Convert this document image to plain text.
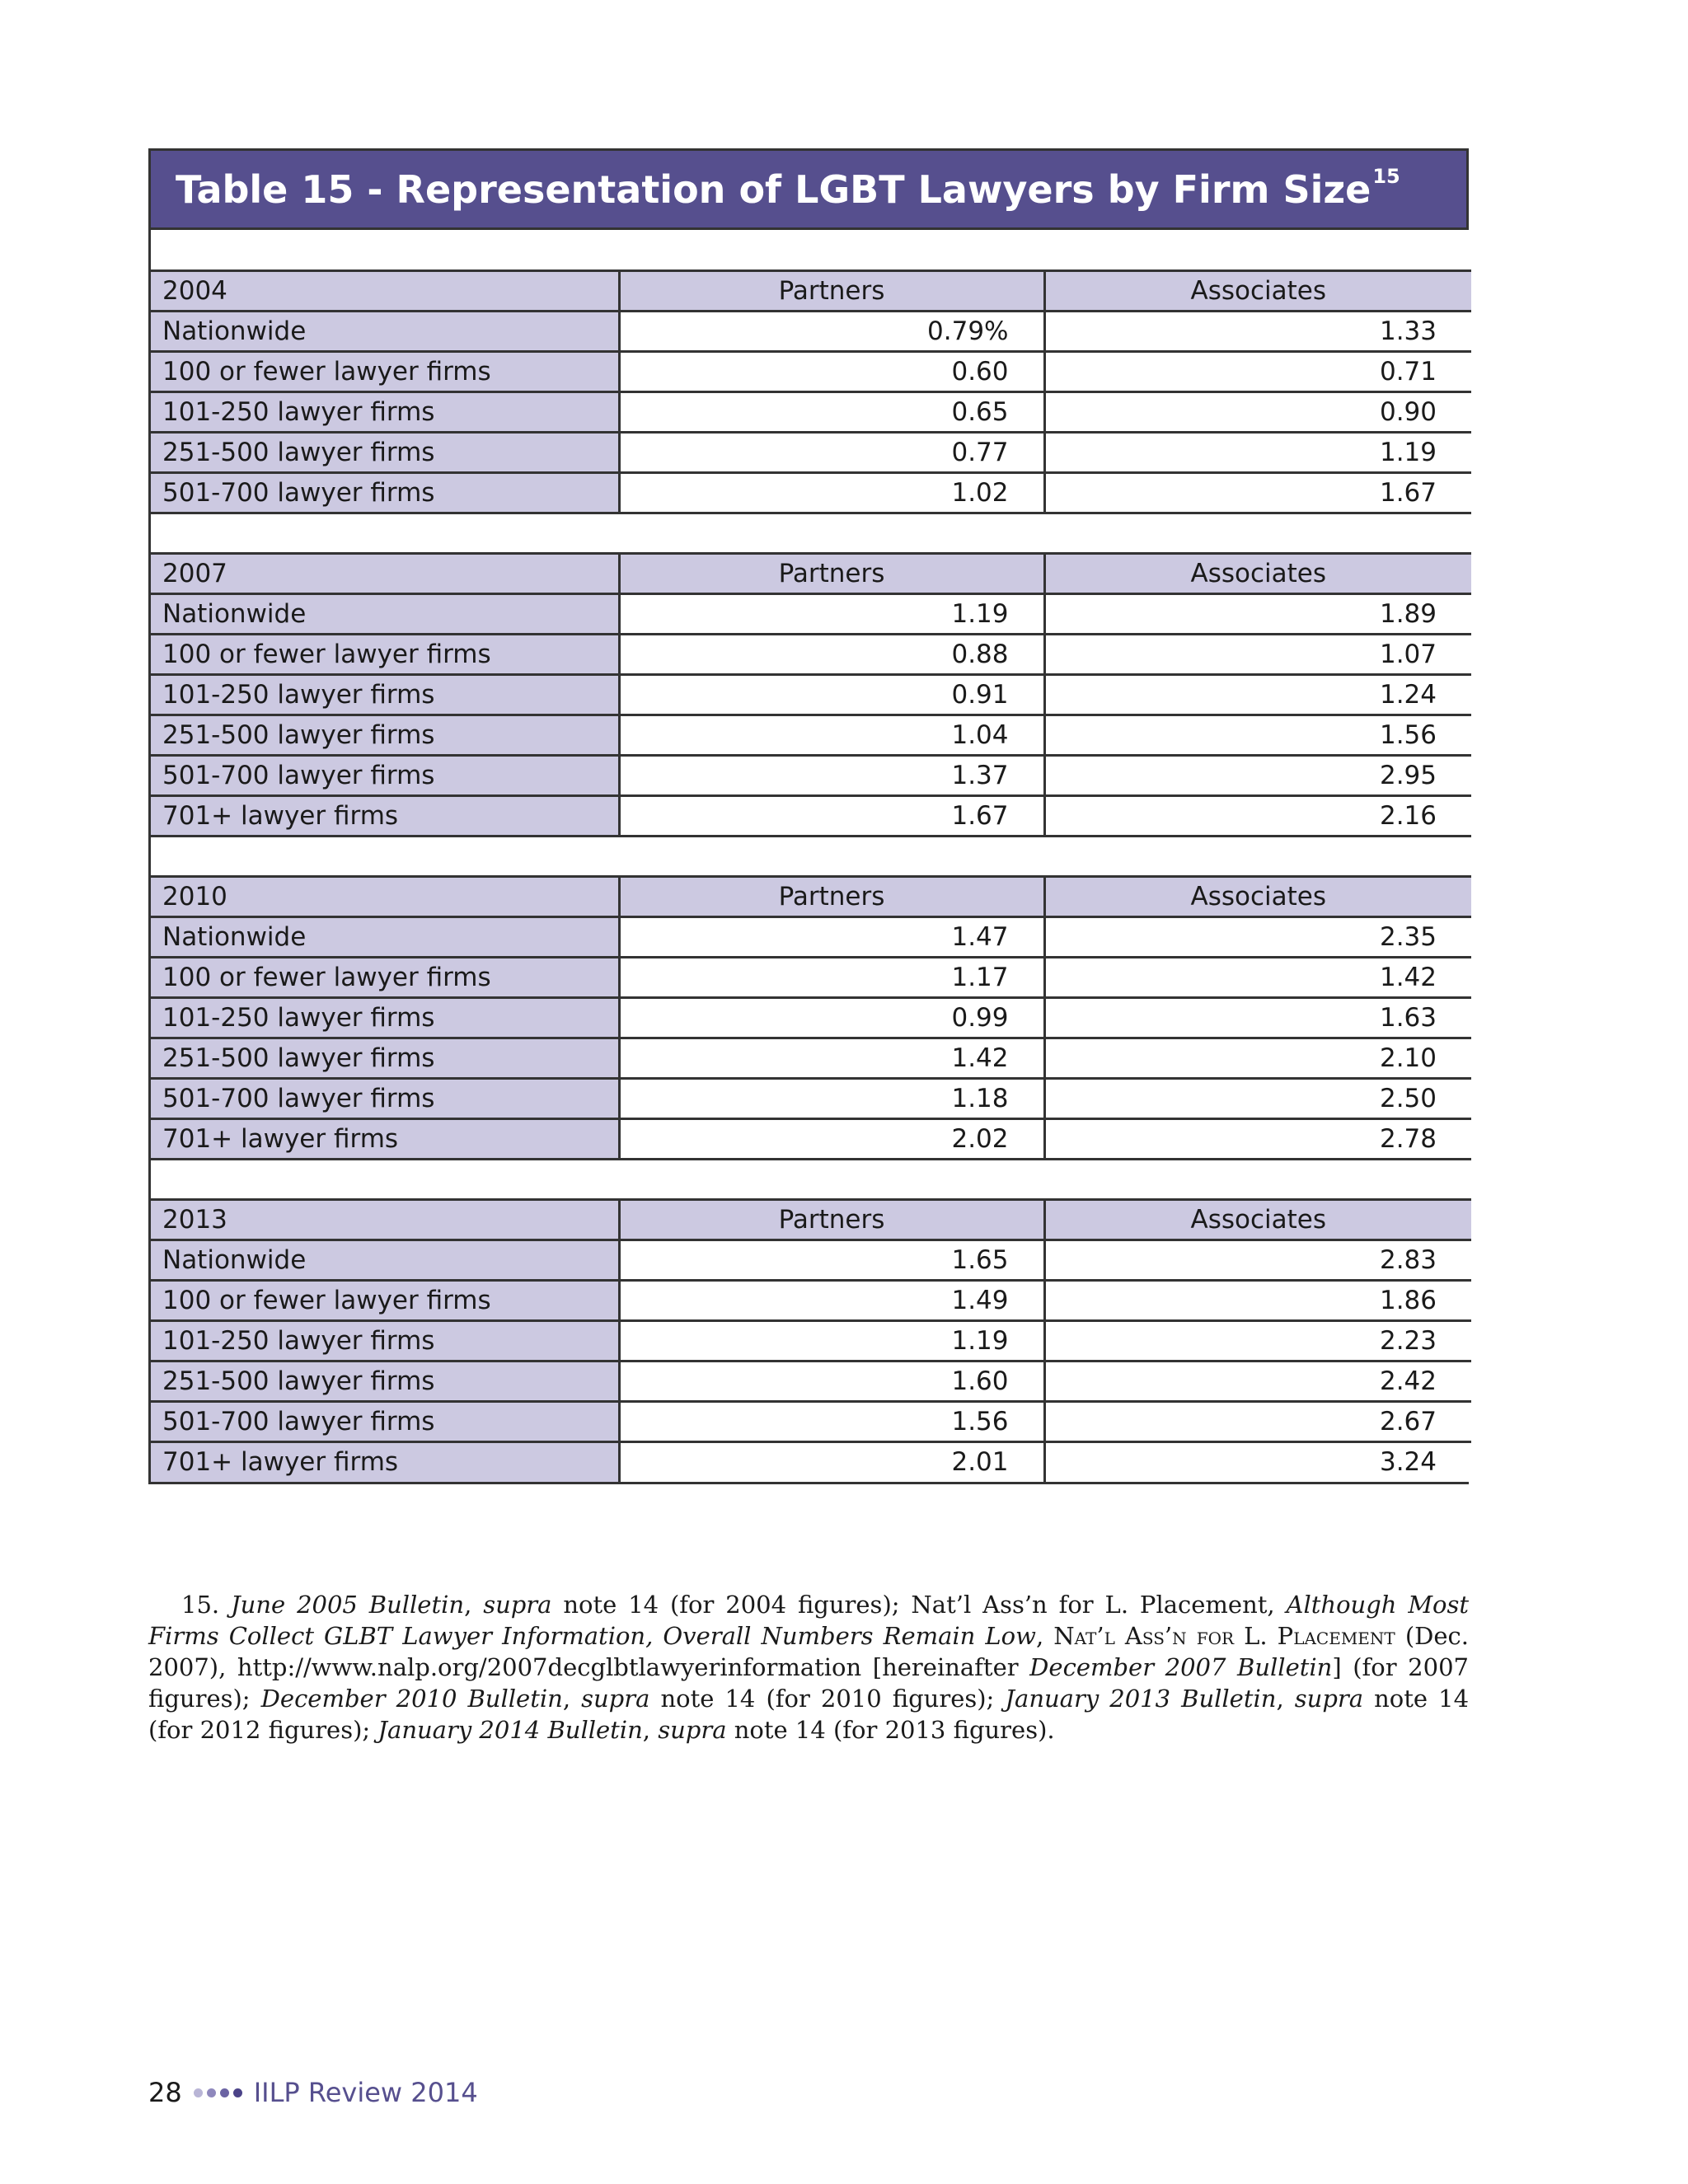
Table 15 - Representation of LGBT Lawyers by Firm Size$^{15}$

2004	Partners	Associates
Nationwide	0.79%	1.33
100 or fewer lawyer firms	0.60	0.71
101-250 lawyer firms	0.65	0.90
251-500 lawyer firms	0.77	1.19
501-700 lawyer firms	1.02	1.67

2007	Partners	Associates
Nationwide	1.19	1.89
100 or fewer lawyer firms	0.88	1.07
101-250 lawyer firms	0.91	1.24
251-500 lawyer firms	1.04	1.56
501-700 lawyer firms	1.37	2.95
701+ lawyer firms	1.67	2.16

2010	Partners	Associates
Nationwide	1.47	2.35
100 or fewer lawyer firms	1.17	1.42
101-250 lawyer firms	0.99	1.63
251-500 lawyer firms	1.42	2.10
501-700 lawyer firms	1.18	2.50
701+ lawyer firms	2.02	2.78

2013	Partners	Associates
Nationwide	1.65	2.83
100 or fewer lawyer firms	1.49	1.86
101-250 lawyer firms	1.19	2.23
251-500 lawyer firms	1.60	2.42
501-700 lawyer firms	1.56	2.67
701+ lawyer firms	2.01	3.24

15. June 2005 Bulletin, supra note 14 (for 2004 figures); Nat’l Ass’n for L. Placement, Although Most Firms Collect GLBT Lawyer Information, Overall Numbers Remain Low, Nat’l Ass’n for L. Placement (Dec. 2007), http://www.nalp.org/2007decglbtlawyerinformation [hereinafter December 2007 Bulletin] (for 2007 figures); December 2010 Bulletin, supra note 14 (for 2010 figures); January 2013 Bulletin, supra note 14 (for 2012 figures); January 2014 Bulletin, supra note 14 (for 2013 figures).

28	IILP Review 2014
